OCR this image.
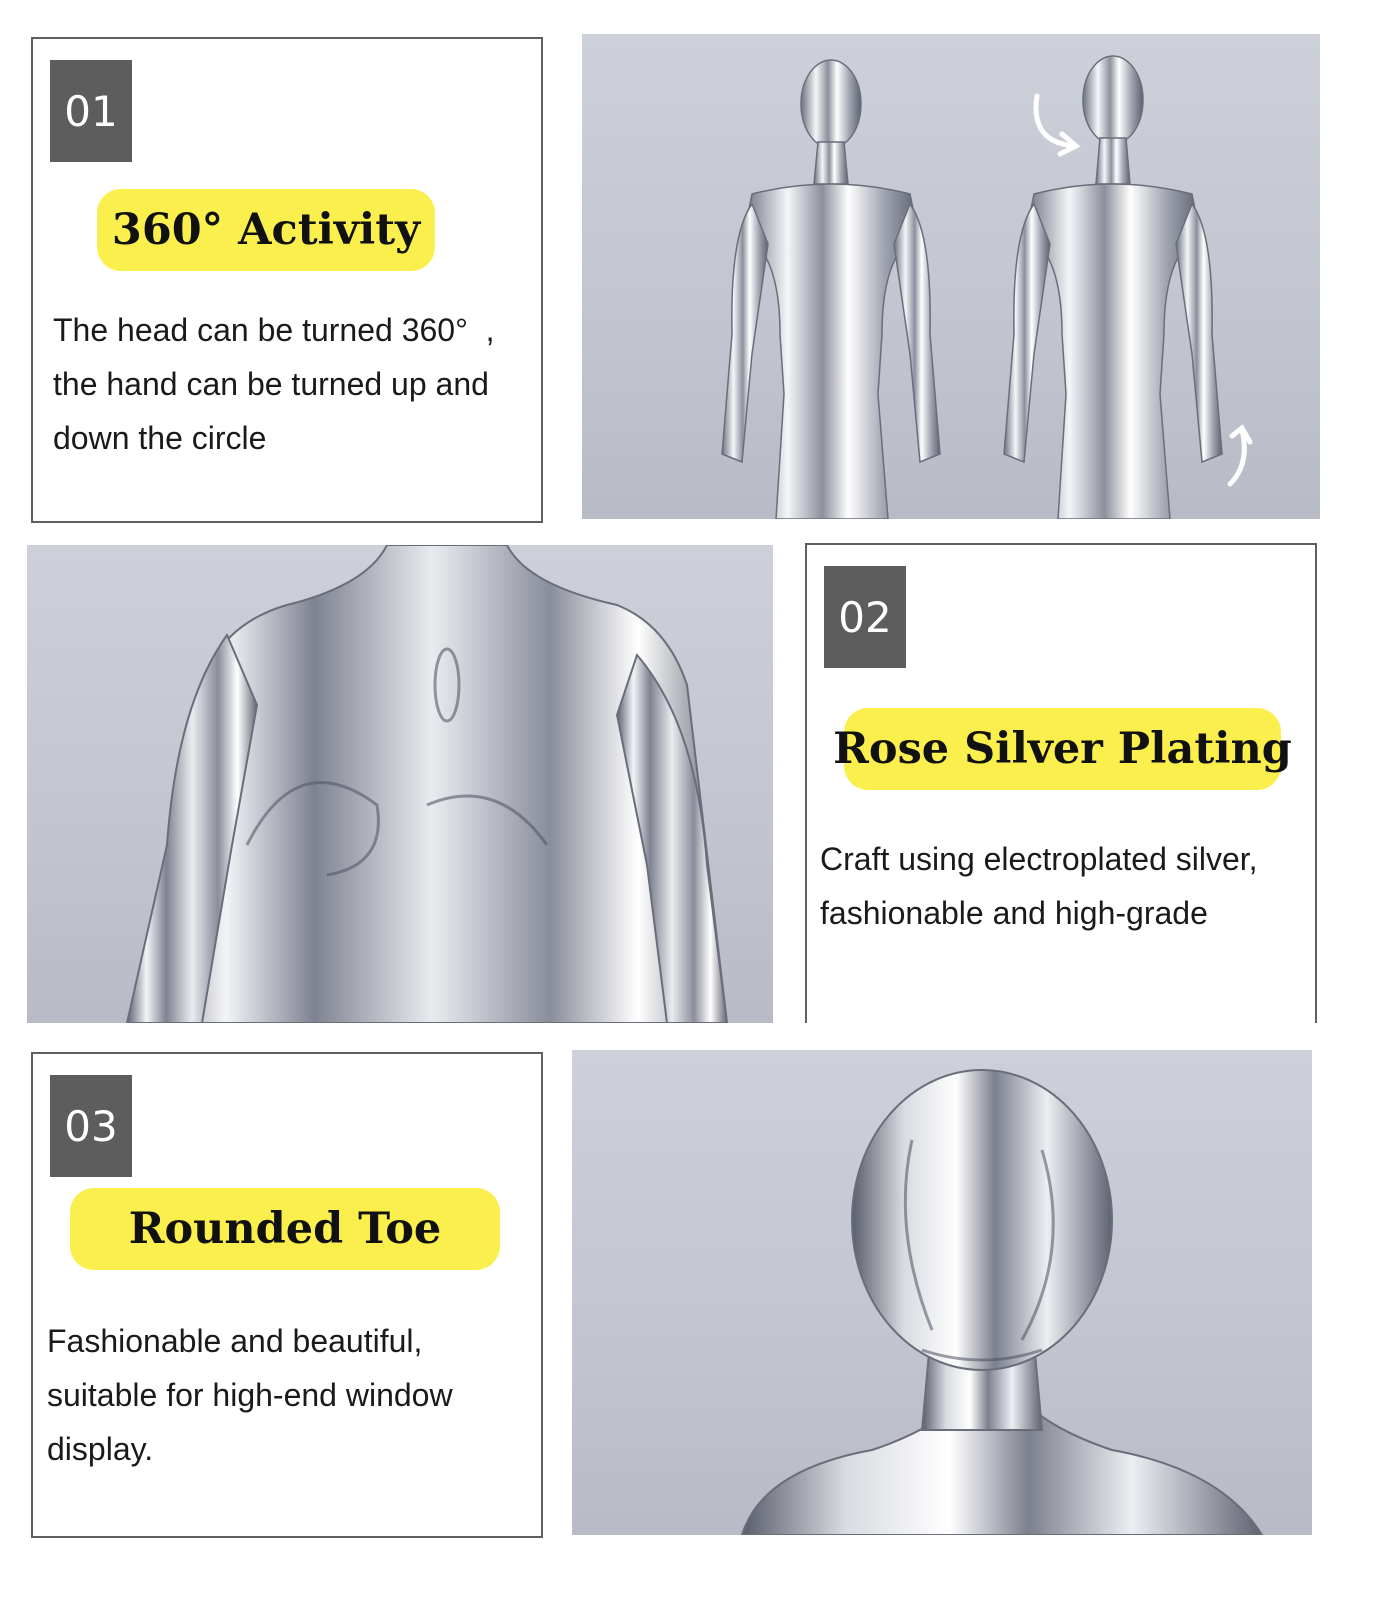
01
360° Activity
The head can be turned 360°  ,
the hand can be turned up and
down the circle
02
Rose Silver Plating
Craft using electroplated silver,
fashionable and high-grade
03
Rounded Toe
Fashionable and beautiful,
suitable for high-end window
display.
